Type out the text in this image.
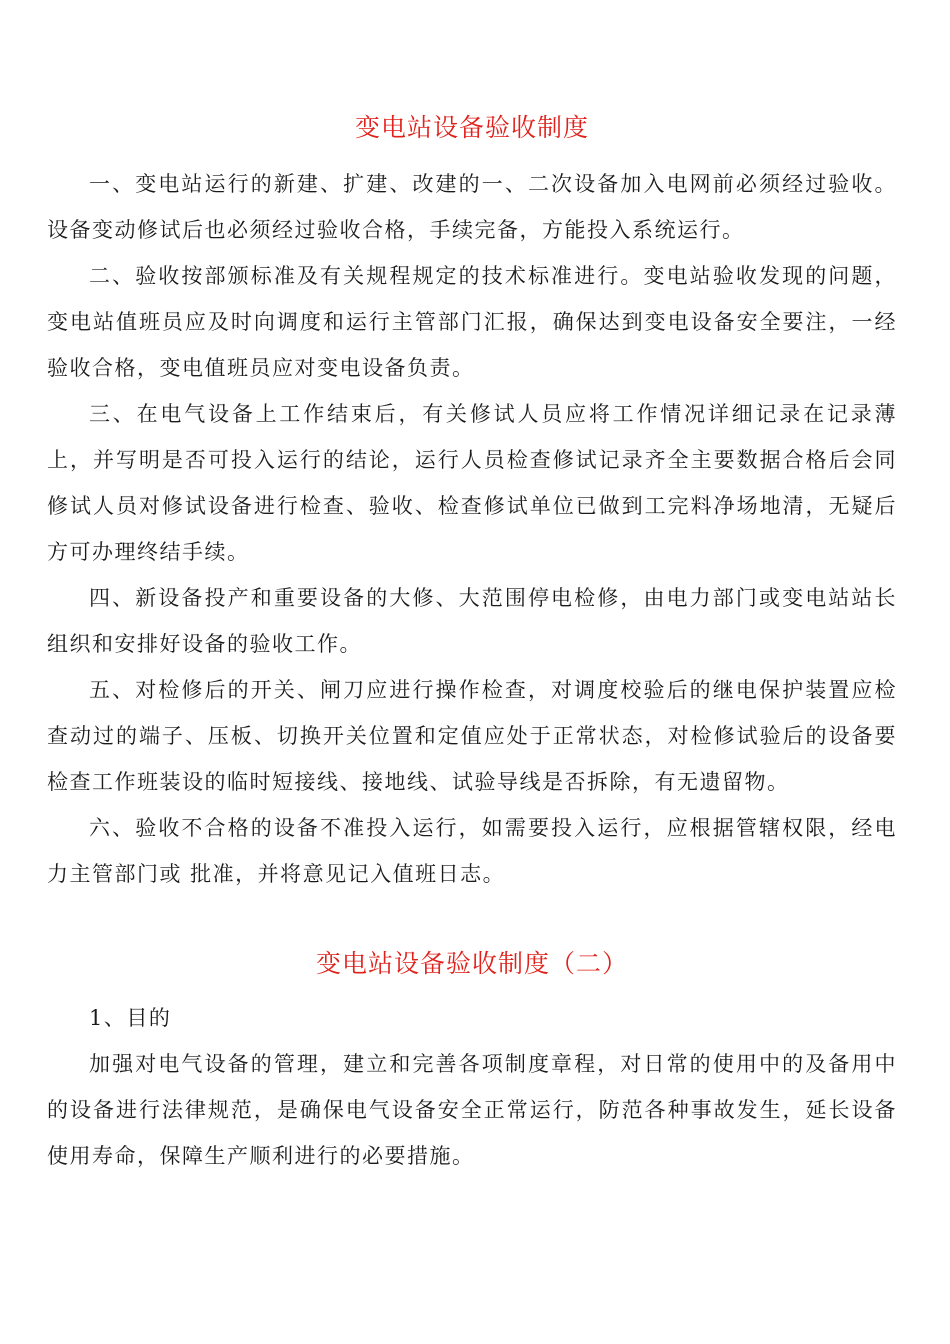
变电站设备验收制度

一、变电站运行的新建、扩建、改建的一、二次设备加入电网前必须经过验收。设备变动修试后也必须经过验收合格，手续完备，方能投入系统运行。

二、验收按部颁标准及有关规程规定的技术标准进行。变电站验收发现的问题，变电站值班员应及时向调度和运行主管部门汇报，确保达到变电设备安全要注，一经验收合格，变电值班员应对变电设备负责。

三、在电气设备上工作结束后，有关修试人员应将工作情况详细记录在记录薄上，并写明是否可投入运行的结论，运行人员检查修试记录齐全主要数据合格后会同修试人员对修试设备进行检查、验收、检查修试单位已做到工完料净场地清，无疑后方可办理终结手续。

四、新设备投产和重要设备的大修、大范围停电检修，由电力部门或变电站站长组织和安排好设备的验收工作。

五、对检修后的开关、闸刀应进行操作检查，对调度校验后的继电保护装置应检查动过的端子、压板、切换开关位置和定值应处于正常状态，对检修试验后的设备要检查工作班装设的临时短接线、接地线、试验导线是否拆除，有无遗留物。

六、验收不合格的设备不准投入运行，如需要投入运行，应根据管辖权限，经电力主管部门或 批准，并将意见记入值班日志。

变电站设备验收制度（二）

1、目的

加强对电气设备的管理，建立和完善各项制度章程，对日常的使用中的及备用中的设备进行法律规范，是确保电气设备安全正常运行，防范各种事故发生，延长设备使用寿命，保障生产顺利进行的必要措施。
